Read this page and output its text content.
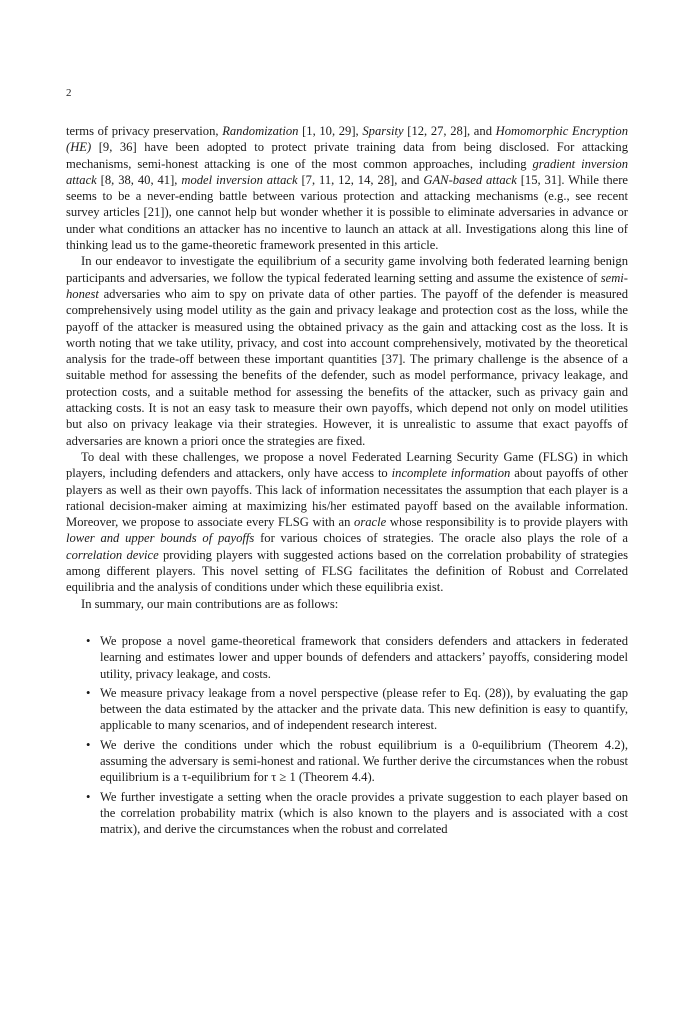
2

terms of privacy preservation, Randomization [1, 10, 29], Sparsity [12, 27, 28], and Homomorphic Encryption (HE) [9, 36] have been adopted to protect private training data from being disclosed. For attacking mechanisms, semi-honest attacking is one of the most common approaches, including gradient inversion attack [8, 38, 40, 41], model inversion attack [7, 11, 12, 14, 28], and GAN-based attack [15, 31]. While there seems to be a never-ending battle between various protection and attacking mechanisms (e.g., see recent survey articles [21]), one cannot help but wonder whether it is possible to eliminate adversaries in advance or under what conditions an attacker has no incentive to launch an attack at all. Investigations along this line of thinking lead us to the game-theoretic framework presented in this article.

In our endeavor to investigate the equilibrium of a security game involving both federated learning benign participants and adversaries, we follow the typical federated learning setting and assume the existence of semi-honest adversaries who aim to spy on private data of other parties. The payoff of the defender is measured comprehensively using model utility as the gain and privacy leakage and protection cost as the loss, while the payoff of the attacker is measured using the obtained privacy as the gain and attacking cost as the loss. It is worth noting that we take utility, privacy, and cost into account comprehensively, motivated by the theoretical analysis for the trade-off between these important quantities [37]. The primary challenge is the absence of a suitable method for assessing the benefits of the defender, such as model performance, privacy leakage, and protection costs, and a suitable method for assessing the benefits of the attacker, such as privacy gain and attacking costs. It is not an easy task to measure their own payoffs, which depend not only on model utilities but also on privacy leakage via their strategies. However, it is unrealistic to assume that exact payoffs of adversaries are known a priori once the strategies are fixed.

To deal with these challenges, we propose a novel Federated Learning Security Game (FLSG) in which players, including defenders and attackers, only have access to incomplete information about payoffs of other players as well as their own payoffs. This lack of information necessitates the assumption that each player is a rational decision-maker aiming at maximizing his/her estimated payoff based on the available information. Moreover, we propose to associate every FLSG with an oracle whose responsibility is to provide players with lower and upper bounds of payoffs for various choices of strategies. The oracle also plays the role of a correlation device providing players with suggested actions based on the correlation probability of strategies among different players. This novel setting of FLSG facilitates the definition of Robust and Correlated equilibria and the analysis of conditions under which these equilibria exist.

In summary, our main contributions are as follows:

• We propose a novel game-theoretical framework that considers defenders and attackers in federated learning and estimates lower and upper bounds of defenders and attackers’ payoffs, considering model utility, privacy leakage, and costs.
• We measure privacy leakage from a novel perspective (please refer to Eq. (28)), by evaluating the gap between the data estimated by the attacker and the private data. This new definition is easy to quantify, applicable to many scenarios, and of independent research interest.
• We derive the conditions under which the robust equilibrium is a 0-equilibrium (Theorem 4.2), assuming the adversary is semi-honest and rational. We further derive the circumstances when the robust equilibrium is a τ-equilibrium for τ ≥ 1 (Theorem 4.4).
• We further investigate a setting when the oracle provides a private suggestion to each player based on the correlation probability matrix (which is also known to the players and is associated with a cost matrix), and derive the circumstances when the robust and correlated
